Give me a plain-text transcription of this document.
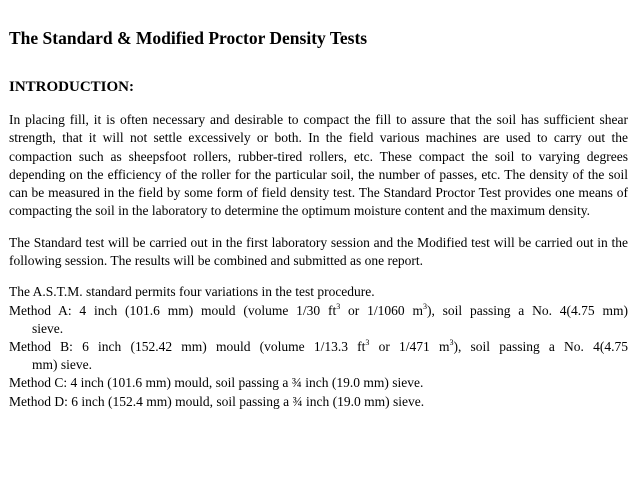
The Standard & Modified Proctor Density Tests
INTRODUCTION:

In placing fill, it is often necessary and desirable to compact the fill to assure that the soil has sufficient shear strength, that it will not settle excessively or both. In the field various machines are used to carry out the compaction such as sheepsfoot rollers, rubber-tired rollers, etc. These compact the soil to varying degrees depending on the efficiency of the roller for the particular soil, the number of passes, etc. The density of the soil can be measured in the field by some form of field density test. The Standard Proctor Test provides one means of compacting the soil in the laboratory to determine the optimum moisture content and the maximum density.

The Standard test will be carried out in the first laboratory session and the Modified test will be carried out in the following session. The results will be combined and submitted as one report.

The A.S.T.M. standard permits four variations in the test procedure.
Method A: 4 inch (101.6 mm) mould (volume 1/30 $ft^3$ or 1/1060 $m^3$), soil passing a No. 4(4.75 mm)
sieve.
Method B: 6 inch (152.42 mm) mould (volume 1/13.3 $ft^3$ or 1/471 $m^3$), soil passing a No. 4(4.75
mm) sieve.
Method C: 4 inch (101.6 mm) mould, soil passing a ¾ inch (19.0 mm) sieve.
Method D: 6 inch (152.4 mm) mould, soil passing a ¾ inch (19.0 mm) sieve.
